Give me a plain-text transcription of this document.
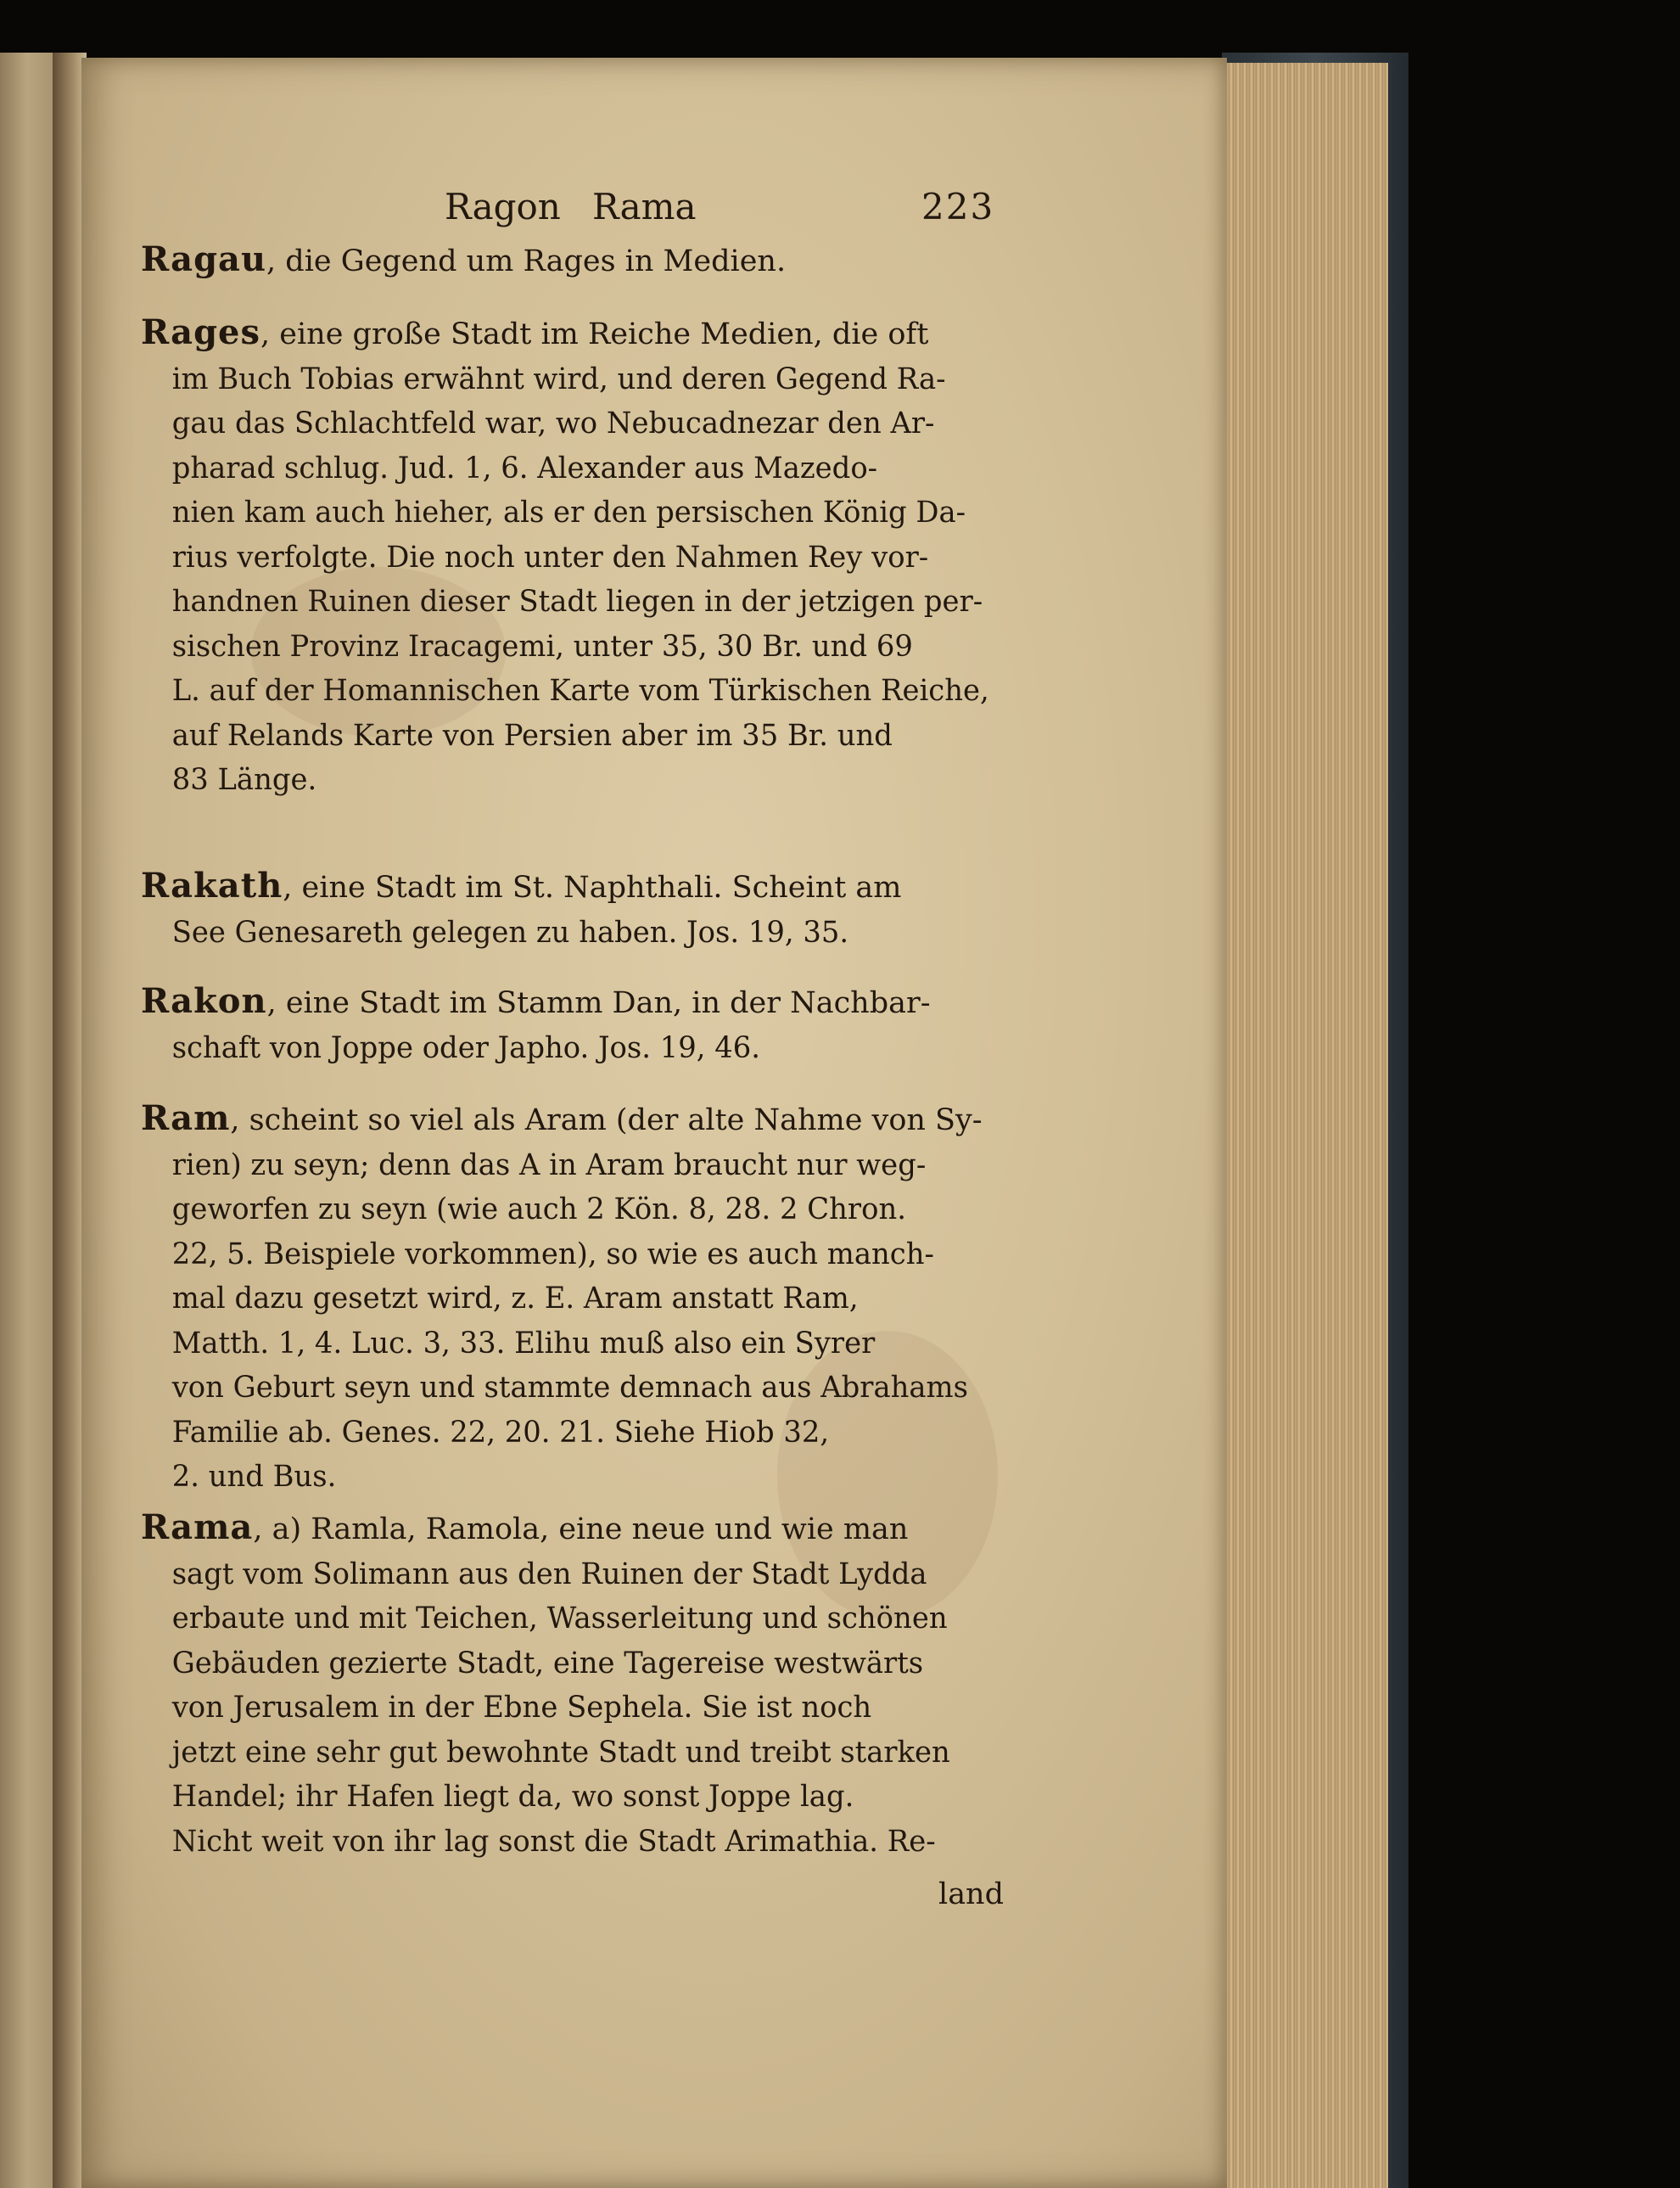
Ragon Rama	223
Ragau, die Gegend um Rages in Medien.
Rages, eine große Stadt im Reiche Medien, die oft
im Buch Tobias erwähnt wird, und deren Gegend Ra-
gau das Schlachtfeld war, wo Nebucadnezar den Ar-
pharad schlug. Jud. 1, 6. Alexander aus Mazedo-
nien kam auch hieher, als er den persischen König Da-
rius verfolgte. Die noch unter den Nahmen Rey vor-
handnen Ruinen dieser Stadt liegen in der jetzigen per-
sischen Provinz Iracagemi, unter 35, 30 Br. und 69
L. auf der Homannischen Karte vom Türkischen Reiche,
auf Relands Karte von Persien aber im 35 Br. und
83 Länge.
Rakath, eine Stadt im St. Naphthali. Scheint am
See Genesareth gelegen zu haben. Jos. 19, 35.
Rakon, eine Stadt im Stamm Dan, in der Nachbar-
schaft von Joppe oder Japho. Jos. 19, 46.
Ram, scheint so viel als Aram (der alte Nahme von Sy-
rien) zu seyn; denn das A in Aram braucht nur weg-
geworfen zu seyn (wie auch 2 Kön. 8, 28. 2 Chron.
22, 5. Beispiele vorkommen), so wie es auch manch-
mal dazu gesetzt wird, z. E. Aram anstatt Ram,
Matth. 1, 4. Luc. 3, 33. Elihu muß also ein Syrer
von Geburt seyn und stammte demnach aus Abrahams
Familie ab. Genes. 22, 20. 21. Siehe Hiob 32,
2. und Bus.
Rama, a) Ramla, Ramola, eine neue und wie man
sagt vom Solimann aus den Ruinen der Stadt Lydda
erbaute und mit Teichen, Wasserleitung und schönen
Gebäuden gezierte Stadt, eine Tagereise westwärts
von Jerusalem in der Ebne Sephela. Sie ist noch
jetzt eine sehr gut bewohnte Stadt und treibt starken
Handel; ihr Hafen liegt da, wo sonst Joppe lag.
Nicht weit von ihr lag sonst die Stadt Arimathia. Re-
land
